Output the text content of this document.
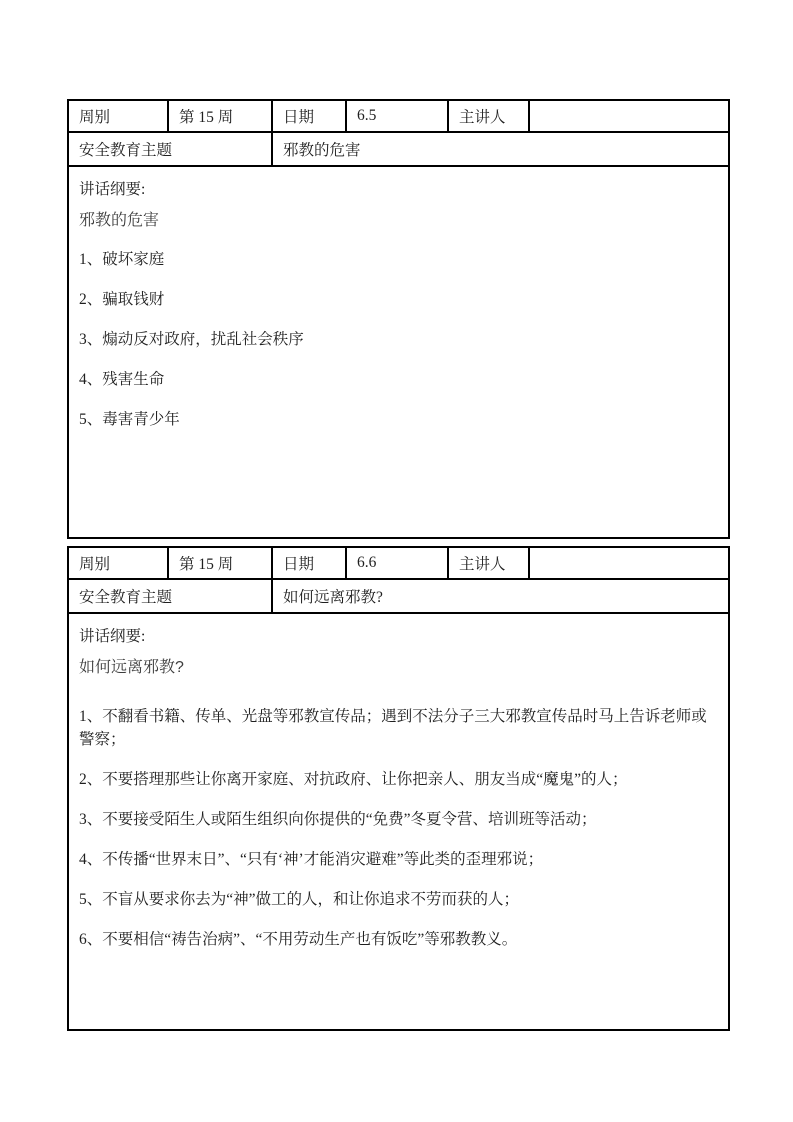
周别	第 15 周	日期	6.5	主讲人	
安全教育主题		邪教的危害			

讲话纲要:

邪教的危害

1、破坏家庭

2、骗取钱财

3、煽动反对政府，扰乱社会秩序

4、残害生命

5、毒害青少年

周别	第 15 周	日期	6.6	主讲人	
安全教育主题		如何远离邪教?			

讲话纲要:

如何远离邪教?

1、不翻看书籍、传单、光盘等邪教宣传品；遇到不法分子三大邪教宣传品时马上告诉老师或警察；

2、不要搭理那些让你离开家庭、对抗政府、让你把亲人、朋友当成“魔鬼”的人；

3、不要接受陌生人或陌生组织向你提供的“免费”冬夏令营、培训班等活动；

4、不传播“世界末日”、“只有‘神’才能消灾避难”等此类的歪理邪说；

5、不盲从要求你去为“神”做工的人，和让你追求不劳而获的人；

6、不要相信“祷告治病”、“不用劳动生产也有饭吃”等邪教教义。
